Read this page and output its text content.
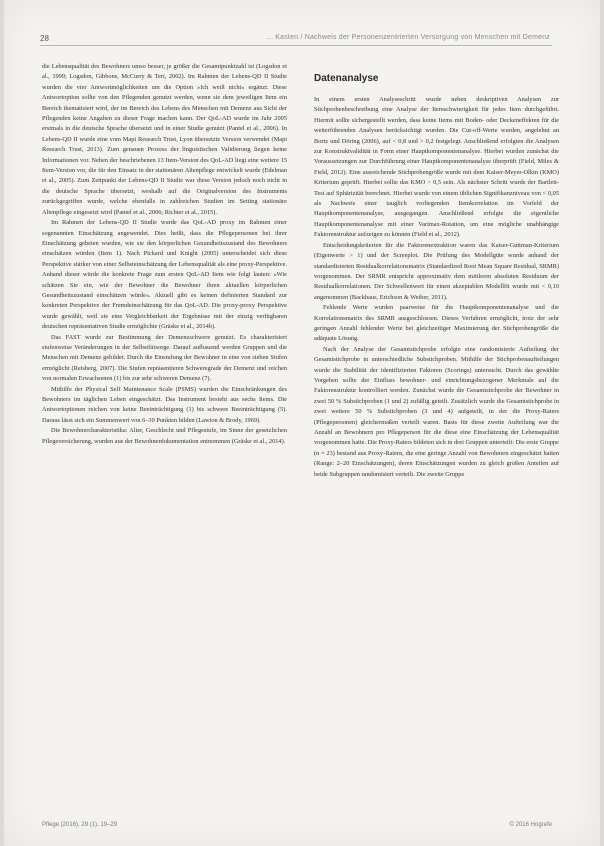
28	... Kasten / Nachweis der Personenzentrierten Versorgung von Menschen mit Demenz

die Lebensqualität des Bewohners umso besser, je größer die Gesamtpunktzahl ist (Logsdon et al., 1999; Logsdon, Gibbons, McCurry & Teri, 2002). Im Rahmen der Lebens-QD II Studie wurden die vier Antwortmöglichkeiten um die Option »Ich weiß nicht« ergänzt. Diese Antwortoption sollte von den Pflegenden genutzt werden, wenn sie dem jeweiligen Item ein Bereich thematisiert wird, der im Bereich des Lebens des Menschen mit Demenz aus Sicht der Pflegenden keine Angaben zu dieser Frage machen kann. Der QoL-AD wurde im Jahr 2005 erstmals in die deutsche Sprache übersetzt und in einer Studie genutzt (Pantel et al., 2006). In Lebens-QD II wurde eine vom Mapi Research Trust, Lyon übersetzte Version verwendet (Mapi Research Trust, 2013). Zum genauen Prozess der linguistischen Validierung liegen keine Informationen vor. Neben der beschriebenen 13 Item-Version des QoL-AD liegt eine weitere 15 Item-Version vor, die für den Einsatz in der stationären Altenpflege entwickelt wurde (Edelman et al., 2005). Zum Zeitpunkt der Lebens-QD II Studie war diese Version jedoch noch nicht in die deutsche Sprache übersetzt, weshalb auf die Originalversion des Instruments zurückgegriffen wurde, welche ebenfalls in zahlreichen Studien im Setting stationäre Altenpflege eingesetzt wird (Pantel et al., 2006; Richter et al., 2015).

Im Rahmen der Lebens-QD II Studie wurde das QoL-AD proxy im Rahmen einer sogenannten Einschätzung angewendet. Dies heißt, dass die Pflegepersonen bei ihrer Einschätzung gebeten wurden, wie sie den körperlichen Gesundheitszustand des Bewohners einschätzen würden (Item 1). Nach Pickard und Knight (2005) unterscheidet sich diese Perspektive stärker von einer Selbsteinschätzung der Lebensqualität als eine proxy-Perspektive. Anhand dieser würde die konkrete Frage zum ersten QoL-AD Item wie folgt lauten: »Wie schätzen Sie ein, wie der Bewohner die Bewohner ihren aktuellen körperlichen Gesundheitszustand einschätzen würde«. Aktuell gibt es keinen definierten Standard zur konkreten Perspektive der Fremdeinschätzung für das QoL-AD. Die proxy-proxy Perspektive wurde gewählt, weil sie eine Vergleichbarkeit der Ergebnisse mit der einzig verfügbaren deutschen repräsentativen Studie ermöglichte (Gräske et al., 2014b).

Das FAST wurde zur Bestimmung der Demenzschwere genutzt. Es charakterisiert stufenweise Veränderungen in der Selbstfürsorge. Darauf aufbauend werden Gruppen und die Menschen mit Demenz gebildet. Durch die Einstufung der Bewohner in eine von sieben Stufen ermöglicht (Reisberg, 2007). Die Stufen repräsentieren Schweregrade der Demenz und reichen von normalen Erwachsenen (1) bis zur sehr schweren Demenz (7).

Mithilfe der Physical Self Maintenance Scale (PSMS) wurden die Einschränkungen des Bewohners im täglichen Leben eingeschätzt. Das Instrument besteht aus sechs Items. Die Antwortoptionen reichen von keine Beeinträchtigung (1) bis schwere Beeinträchtigung (5). Daraus lässt sich ein Summenwert von 6–30 Punkten bilden (Lawton & Brody, 1969).

Die Bewohnercharakteristika: Alter, Geschlecht und Pflegestufe, im Sinne der gesetzlichen Pflegeversicherung, wurden aus der Bewohnerdokumentation entnommen (Gräske et al., 2014).

Datenanalyse

In einem ersten Analyseschritt wurde neben deskriptiven Analysen zur Stichprobenbeschreibung eine Analyse der Itemschwierigkeit für jedes Item durchgeführt. Hiermit sollte sichergestellt werden, dass keine Items mit Boden- oder Deckeneffekten für die weiterführenden Analysen berücksichtigt wurden. Die Cut-off-Werte wurden, angelehnt an Bortz und Döring (2006), auf < 0,8 und > 0,2 festgelegt. Anschließend erfolgten die Analysen zur Konstruktvalidität in Form einer Hauptkomponentenanalyse. Hierbei wurden zunächst die Voraussetzungen zur Durchführung einer Hauptkomponentenanalyse überprüft (Field, Miles & Field, 2012). Eine ausreichende Stichprobengröße wurde mit dem Kaiser-Meyer-Olkin (KMO) Kriterium geprüft. Hierbei sollte das KMO > 0,5 sein. Als nächster Schritt wurde der Bartlett-Test auf Sphärizität berechnet. Hierbei wurde von einem üblichen Signifikanzniveau von < 0,05 als Nachweis einer tauglich vorliegenden Itemkorrelation im Vorfeld der Hauptkomponentenanalyse, ausgegangen. Anschließend erfolgte die eigentliche Hauptkomponentenanalyse mit einer Varimax-Rotation, um eine mögliche unabhängige Faktorenstruktur aufzeigen zu können (Field et al., 2012).

Entscheidungskriterien für die Faktorenextraktion waren das Kaiser-Guttman-Kriterium (Eigenwerte > 1) und der Screeplot. Die Prüfung des Modellgüte wurde anhand der standardisierten Residualkorrelationsmatrix (Standardized Root Mean Square Residual, SRMR) vorgenommen. Der SRMR entspricht approximativ dem mittleren absoluten Residuum der Residualkorrelationen. Der Schwellenwert für einen akzeptablen Modellfit wurde mit < 0,10 angenommen (Backhaus, Erichson & Weiber, 2011).

Fehlende Werte wurden paarweise für die Hauptkomponentenanalyse und die Korrelationsmatrix des SRMR ausgeschlossen. Dieses Verfahren ermöglicht, trotz der sehr geringen Anzahl fehlender Werte bei gleichzeitiger Maximierung der Stichprobengröße die adäquate Lösung.

Nach der Analyse der Gesamtstichprobe erfolgte eine randomisierte Aufteilung der Gesamtstichprobe in unterschiedliche Substichproben. Mithilfe der Stichprobenaufteilungen wurde die Stabilität der identifizierten Faktoren (Scorings) untersucht. Durch das gewählte Vorgehen sollte der Einfluss bewohner- und einrichtungsbezogener Merkmale auf die Faktorenstruktur kontrolliert werden. Zunächst wurde die Gesamtstichprobe der Bewohner in zwei 50 % Substichproben (1 und 2) zufällig geteilt. Zusätzlich wurde die Gesamtstichprobe in zwei weitere 50 % Substichproben (3 und 4) aufgeteilt, in der die Proxy-Raters (Pflegepersonen) gleichermaßen verteilt waren. Basis für diese zweite Aufteilung war die Anzahl an Bewohnern pro Pflegeperson für die diese eine Einschätzung der Lebensqualität vorgenommen hatte. Die Proxy-Raters bildeten sich in drei Gruppen unterteilt: Die erste Gruppe (n = 23) bestand aus Proxy-Ratern, die eine geringe Anzahl von Bewohnern eingeschätzt hatten (Range: 2–20 Einschätzungen), deren Einschätzungen wurden zu gleich großen Anteilen auf beide Subgruppen randomisiert verteilt. Die zweite Gruppe

Pflege (2016), 29 (1), 19–29	© 2016 Hogrefe
